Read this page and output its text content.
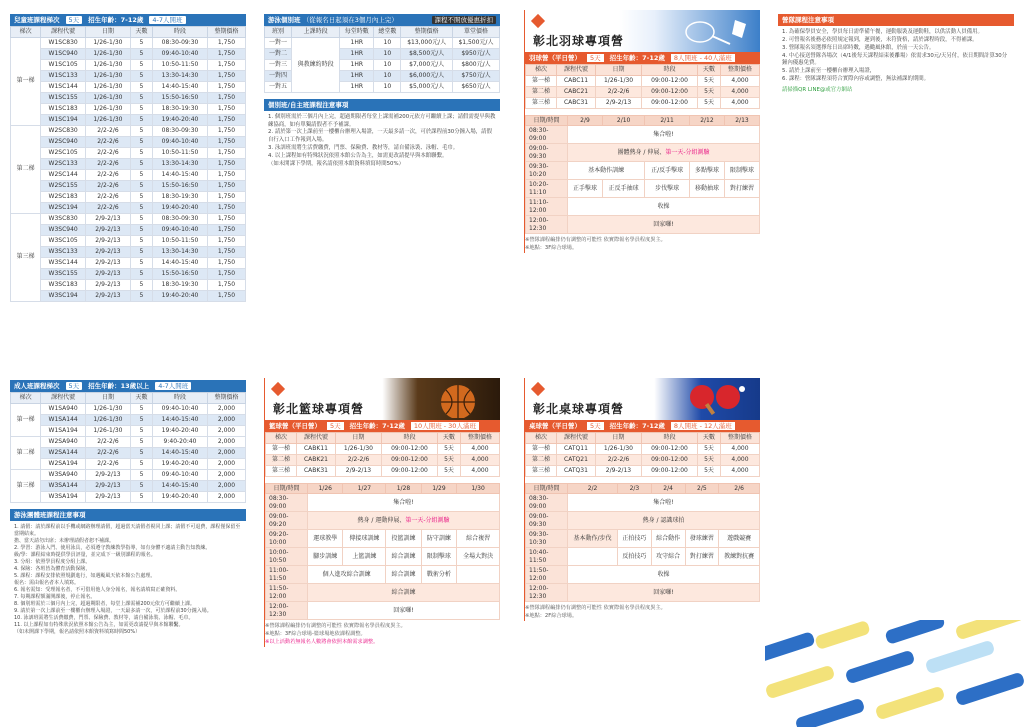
兒童班課程梯次	5天	招生年齡：7-12歲	4-7人開班
梯次	課程代號	日期	天數	時段	整期價格
第一梯	W1SC830	1/26-1/30	5	08:30-09:30	1,750
	W1SC940	1/26-1/30	5	09:40-10:40	1,750
	W1SC105	1/26-1/30	5	10:50-11:50	1,750
	W1SC133	1/26-1/30	5	13:30-14:30	1,750
	W1SC144	1/26-1/30	5	14:40-15:40	1,750
	W1SC155	1/26-1/30	5	15:50-16:50	1,750
	W1SC183	1/26-1/30	5	18:30-19:30	1,750
	W1SC194	1/26-1/30	5	19:40-20:40	1,750
第二梯	W2SC830	2/2-2/6	5	08:30-09:30	1,750
	W2SC940	2/2-2/6	5	09:40-10:40	1,750
	W2SC105	2/2-2/6	5	10:50-11:50	1,750
	W2SC133	2/2-2/6	5	13:30-14:30	1,750
	W2SC144	2/2-2/6	5	14:40-15:40	1,750
	W2SC155	2/2-2/6	5	15:50-16:50	1,750
	W2SC183	2/2-2/6	5	18:30-19:30	1,750
	W2SC194	2/2-2/6	5	19:40-20:40	1,750
第三梯	W3SC830	2/9-2/13	5	08:30-09:30	1,750
	W3SC940	2/9-2/13	5	09:40-10:40	1,750
	W3SC105	2/9-2/13	5	10:50-11:50	1,750
	W3SC133	2/9-2/13	5	13:30-14:30	1,750
	W3SC144	2/9-2/13	5	14:40-15:40	1,750
	W3SC155	2/9-2/13	5	15:50-16:50	1,750
	W3SC183	2/9-2/13	5	18:30-19:30	1,750
	W3SC194	2/9-2/13	5	19:40-20:40	1,750
游泳個別班 （從報名日起須在3個月內上完）	課程不開放優惠折扣
班別	上課時段	每堂時數	總堂數	整期價格	單堂價格
一對一	與教練約時段	1HR	10	$13,000元/人	$1,500元/人
一對二		1HR	10	$8,500元/人	$950元/人
一對三		1HR	10	$7,000元/人	$800元/人
一對四		1HR	10	$6,000元/人	$750元/人
一對五		1HR	10	$5,000元/人	$650元/人
個別班/自主班課程注意事項
1. 個別班需於三個月內上完，超過期限者每堂上課需補200元依方可繼續上課；請假需提早與教練協商，如有單獨請假者不予補課。
2. 請於第一次上課前至一樓櫃台辦理入場證，一天最多請一次，可於課程前30分鐘入場，請假自行入口工作報到入場。
3. 泳訓班需將生活費繳費，門票、保險費、教材等，請自備泳裝、泳帽、毛巾。
4. 以上課程如有特殊狀況依照本館公告為主，如需更改請提早與本館聯繫。
（如未開課下學期，報名請依照本館資料填寫時間50%）
彰北羽球專項營
羽球營（平日營）	5天	招生年齡：7-12歲	8人開班 - 40人滿班
梯次	課程代號	日期	時段	天數	整期價格
第一梯	CABC11	1/26-1/30	09:00-12:00	5天	4,000
第二梯	CABC21	2/2-2/6	09:00-12:00	5天	4,000
第三梯	CABC31	2/9-2/13	09:00-12:00	5天	4,000
日期/時間	2/9	2/10	2/11	2/12	2/13
08:30-09:00	集合啦!				
09:00-09:30	團體熱身 / 伸展、第一天-分組測驗				
09:30-10:20	基本動作訓練		正/反手擊球	多點擊球	限制擊球
10:20-11:10	正手擊球	正反手抽球	步伐擊球	移動抽球	對打練習
11:10-12:00	收操				
12:00-12:30	回家囉!				
※營隊課程編排仍有調整的可能性 依實際報名學員程度異主。
※地點：3F綜合球場。
營隊課程注意事項
1. 為確保學員安全，學員每日需準備午餐，運動服裝及運動鞋，以供活動人員備用。
2. 可營報名後務必依照規定報到，遲到後，未符資格，請於課程時段，不得補課。
3. 營隊報名須選擇每日出席時數，遇颱風休館，於前一天公告。
4. 中心接送營隊各場次（4/1後每天課程結束後離場）依需求30元/天另付，依日期間計算30分鐘內優惠免費。
5. 請於上課前至一樓櫃台辦理入場證，
6. 課程：營隊課程須符合實際內容或調整，無法補課的期間。
請掃描QR LINE@或官方網站
成人班課程梯次	5天	招生年齡：13歲以上	4-7人開班
梯次	課程代號	日期	天數	時段	整期價格
第一梯	W1SA940	1/26-1/30	5	09:40-10:40	2,000
	W1SA144	1/26-1/30	5	14:40-15:40	2,000
	W1SA194	1/26-1/30	5	19:40-20:40	2,000
第二梯	W2SA940	2/2-2/6	5	9:40-20:40	2,000
	W2SA144	2/2-2/6	5	14:40-15:40	2,000
	W2SA194	2/2-2/6	5	19:40-20:40	2,000
第三梯	W3SA940	2/9-2/13	5	09:40-10:40	2,000
	W3SA144	2/9-2/13	5	14:40-15:40	2,000
	W3SA194	2/9-2/13	5	19:40-20:40	2,000
游泳團體班課程注意事項
1. 請假：請於課程前以手機或網路辦理請假，超過當天請假者視同上課；請假不可退費，課程僅保留至當期結束。
擔、當天請勿出席；未辦理請假者恕不補課。
2. 學習：游泳入門、使用泳具，必須遵守教練教學指導，如有身體不適請主動告知教練。
級/學：課程結束時提供學員評量，並完成下一級別課程的報名。
3. 分組：依照學員程度分組上課。
4. 保險：各班皆為體育活動保險，
5. 課程：課程安排依照規劃進行，如遇颱風天依本館公告處理。
報名：需由報名者本人填寫。
6. 報名需知：受理報名者，不可借用他人身分報名，報名請填寫正確資料。
7. 每期課程額滿開課後，停止報名。
8. 個別班需於三個月內上完，超過期限者，每堂上課需補200元依方可繼續上課。
9. 請於第一次上課前至一樓櫃台辦理入場證，一天最多請一次，可於課程前30分鐘入場。
10. 泳訓班需將生活費繳費，門票、保險費、教材等，請自備泳裝、泳帽、毛巾。
11. 以上課程如有特殊狀況依照本館公告為主，如需更改請提早與本館聯繫。
（如未開課下學期，報名請依照本館資料填寫時間50%）
彰北籃球專項營
籃球營（平日營）	5天	招生年齡：7-12歲	10人開班 - 30人滿班
梯次	課程代號	日期	時段	天數	整期價格
第一梯	CABK11	1/26-1/30	09:00-12:00	5天	4,000
第二梯	CABK21	2/2-2/6	09:00-12:00	5天	4,000
第三梯	CABK31	2/9-2/13	09:00-12:00	5天	4,000
日期/時間	1/26	1/27	1/28	1/29	1/30
08:30-09:00	集合啦!				
09:00-09:20	熱身 / 運動伸展、第一天-分組測驗				
09:20-10:00	運球教學	傳接球訓練	投籃訓練	防守訓練	綜合複習
10:00-10:50	腳步訓練	上籃訓練	綜合訓練	限制擊球	全場大對決
11:00-11:50	個人進攻綜合訓練		綜合訓練	戰術分析	
11:50-12:00	綜合訓練				
12:00-12:30	回家囉!				
※營隊課程編排仍有調整的可能性 依實際報名學員程度異主。
※地點：3F綜合球場-籃球場地依課程調整。
※以上活動若無報名人數將會依照本館需求調整。
彰北桌球專項營
桌球營（平日營）	5天	招生年齡：7-12歲	8人開班 - 12人滿班
梯次	課程代號	日期	時段	天數	整期價格
第一梯	CATQ11	1/26-1/30	09:00-12:00	5天	4,000
第二梯	CATQ21	2/2-2/6	09:00-12:00	5天	4,000
第三梯	CATQ31	2/9-2/13	09:00-12:00	5天	4,000
日期/時間	2/2	2/3	2/4	2/5	2/6
08:30-09:00	集合啦!				
09:00-09:30	熱身 / 認識球拍				
09:30-10:30	基本動作/步伐	正拍技巧	綜合動作	發球練習	遊戲競賽
10:40-11:50		反拍技巧	攻守綜合	對打練習	教練對抗賽
11:50-12:00	收操				
12:00-12:30	回家囉!				
※營隊課程編排仍有調整的可能性 依實際報名學員程度異主。
※地點：2F綜合球場。
